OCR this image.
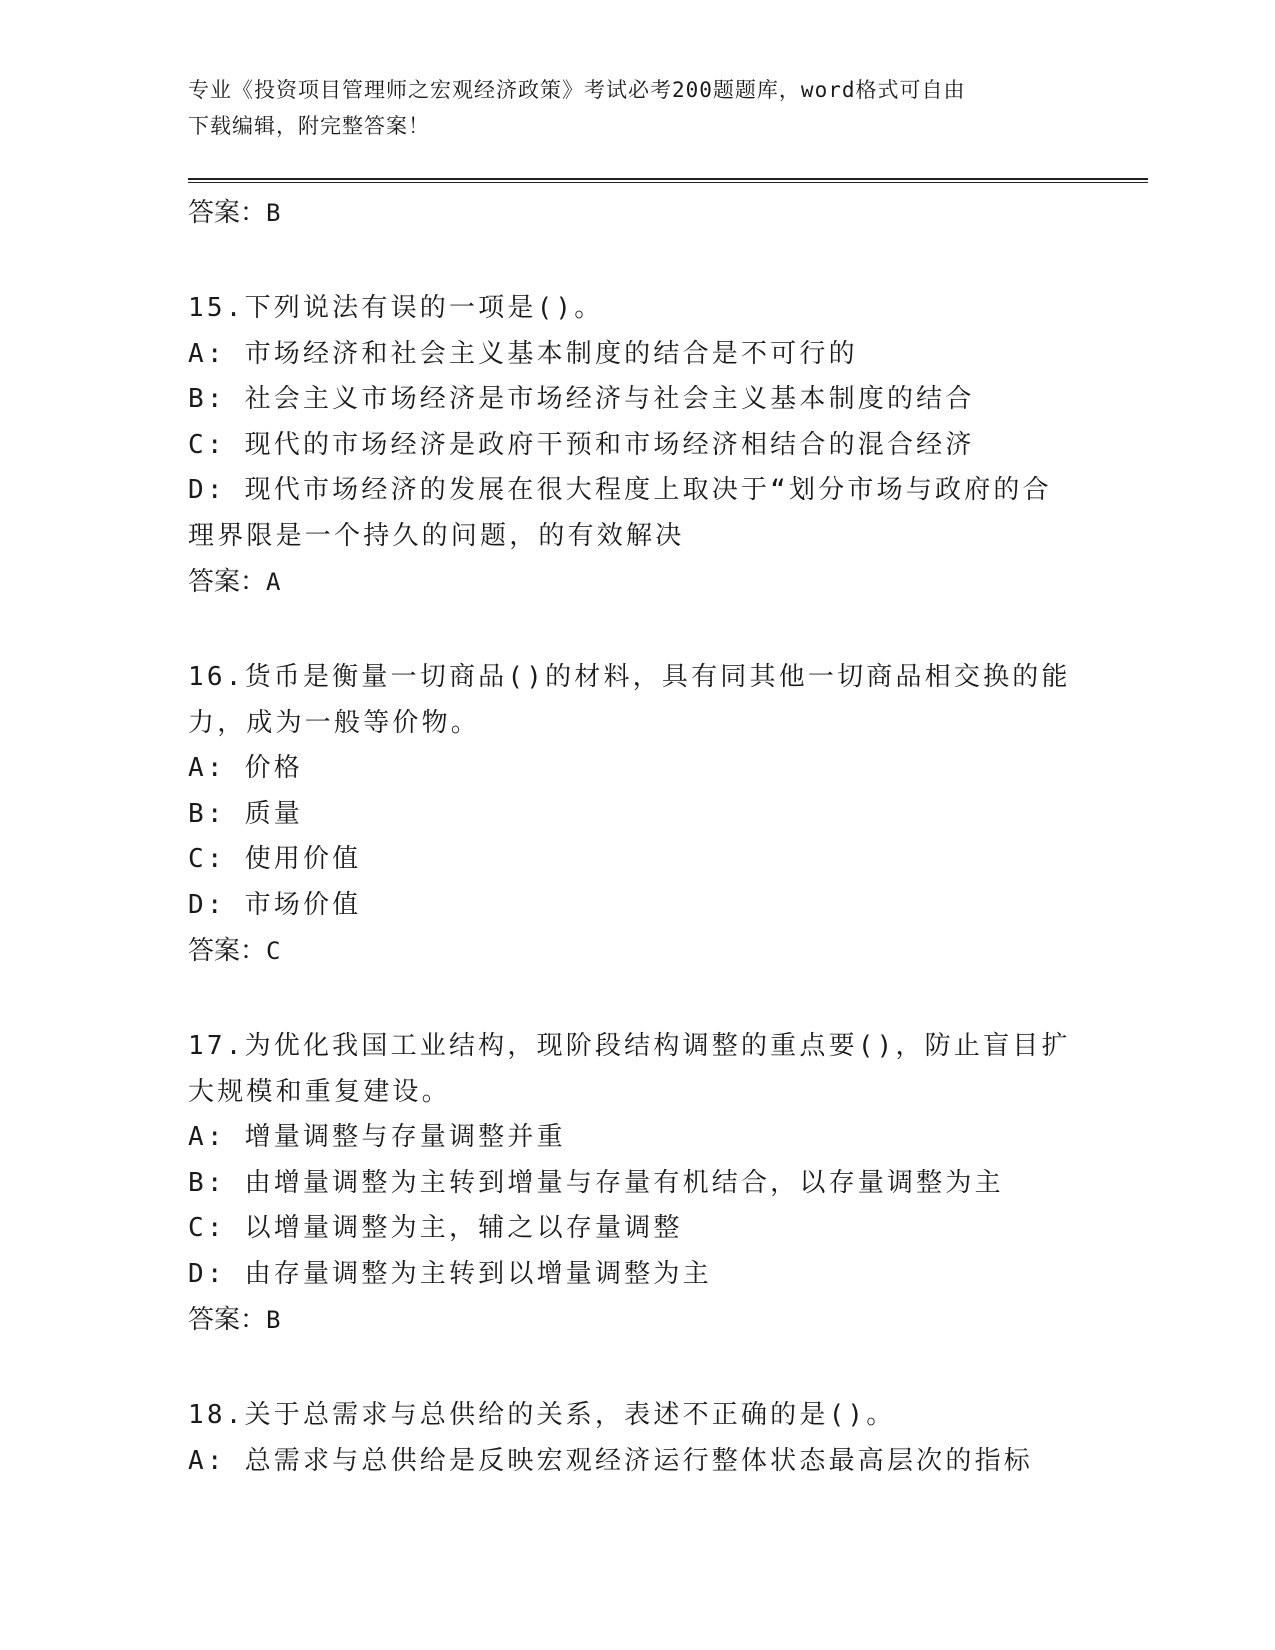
专业《投资项目管理师之宏观经济政策》考试必考200题题库，word格式可自由
下载编辑，附完整答案！

答案：B

15.下列说法有误的一项是()。

A: 市场经济和社会主义基本制度的结合是不可行的

B: 社会主义市场经济是市场经济与社会主义基本制度的结合

C: 现代的市场经济是政府干预和市场经济相结合的混合经济

D: 现代市场经济的发展在很大程度上取决于“划分市场与政府的合理界限是一个持久的问题，的有效解决

答案：A

16.货币是衡量一切商品()的材料，具有同其他一切商品相交换的能力，成为一般等价物。

A: 价格

B: 质量

C: 使用价值

D: 市场价值

答案：C

17.为优化我国工业结构，现阶段结构调整的重点要()，防止盲目扩大规模和重复建设。

A: 增量调整与存量调整并重

B: 由增量调整为主转到增量与存量有机结合，以存量调整为主

C: 以增量调整为主，辅之以存量调整

D: 由存量调整为主转到以增量调整为主

答案：B

18.关于总需求与总供给的关系，表述不正确的是()。

A: 总需求与总供给是反映宏观经济运行整体状态最高层次的指标
